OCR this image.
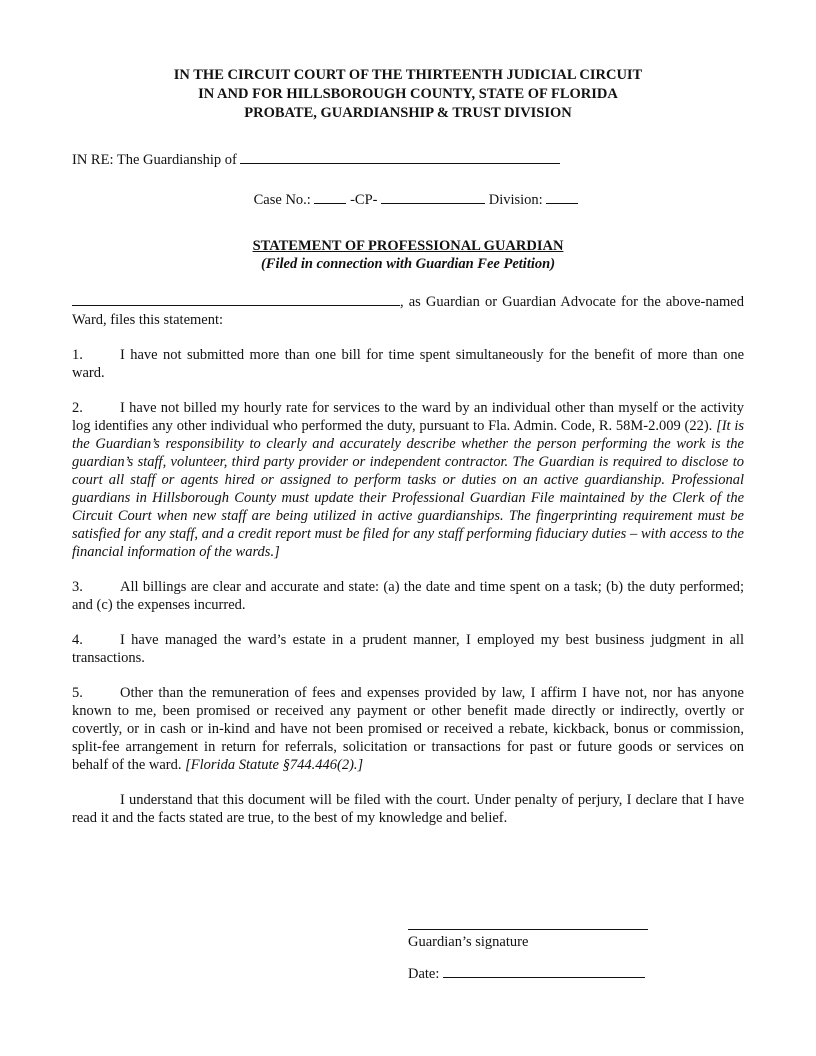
IN THE CIRCUIT COURT OF THE THIRTEENTH JUDICIAL CIRCUIT
IN AND FOR HILLSBOROUGH COUNTY, STATE OF FLORIDA
PROBATE, GUARDIANSHIP & TRUST DIVISION
IN RE: The Guardianship of
Case No.:	-CP-	Division:
STATEMENT OF PROFESSIONAL GUARDIAN
(Filed in connection with Guardian Fee Petition)
, as Guardian or Guardian Advocate for the above-named Ward, files this statement:
1.	I have not submitted more than one bill for time spent simultaneously for the benefit of more than one ward.
2.	I have not billed my hourly rate for services to the ward by an individual other than myself or the activity log identifies any other individual who performed the duty, pursuant to Fla. Admin. Code, R. 58M-2.009 (22). [It is the Guardian’s responsibility to clearly and accurately describe whether the person performing the work is the guardian’s staff, volunteer, third party provider or independent contractor. The Guardian is required to disclose to court all staff or agents hired or assigned to perform tasks or duties on an active guardianship. Professional guardians in Hillsborough County must update their Professional Guardian File maintained by the Clerk of the Circuit Court when new staff are being utilized in active guardianships. The fingerprinting requirement must be satisfied for any staff, and a credit report must be filed for any staff performing fiduciary duties – with access to the financial information of the wards.]
3.	All billings are clear and accurate and state: (a) the date and time spent on a task; (b) the duty performed; and (c) the expenses incurred.
4.	I have managed the ward’s estate in a prudent manner, I employed my best business judgment in all transactions.
5.	Other than the remuneration of fees and expenses provided by law, I affirm I have not, nor has anyone known to me, been promised or received any payment or other benefit made directly or indirectly, overtly or covertly, or in cash or in-kind and have not been promised or received a rebate, kickback, bonus or commission, split-fee arrangement in return for referrals, solicitation or transactions for past or future goods or services on behalf of the ward. [Florida Statute §744.446(2).]
I understand that this document will be filed with the court. Under penalty of perjury, I declare that I have read it and the facts stated are true, to the best of my knowledge and belief.
Guardian’s signature
Date:
